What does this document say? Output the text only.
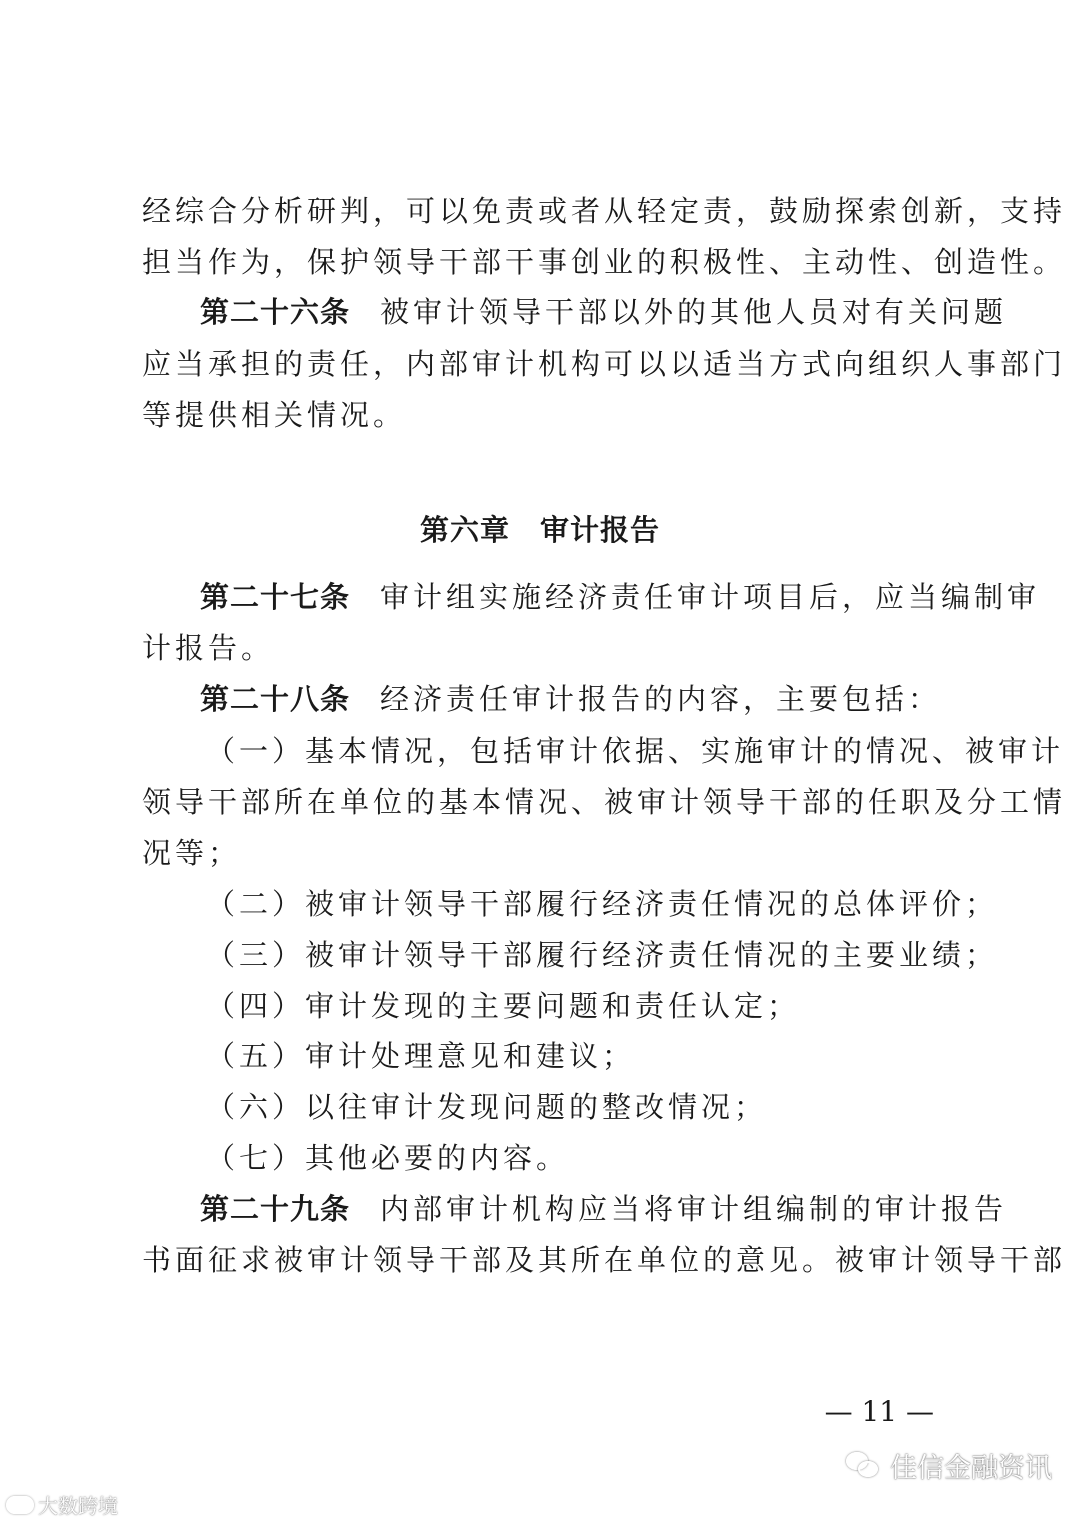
经综合分析研判，可以免责或者从轻定责，鼓励探索创新，支持
担当作为，保护领导干部干事创业的积极性、主动性、创造性。
第二十六条 被审计领导干部以外的其他人员对有关问题
应当承担的责任，内部审计机构可以以适当方式向组织人事部门
等提供相关情况。
第六章 审计报告
第二十七条 审计组实施经济责任审计项目后，应当编制审
计报告。
第二十八条 经济责任审计报告的内容，主要包括：
（一）基本情况，包括审计依据、实施审计的情况、被审计
领导干部所在单位的基本情况、被审计领导干部的任职及分工情
况等；
（二）被审计领导干部履行经济责任情况的总体评价；
（三）被审计领导干部履行经济责任情况的主要业绩；
（四）审计发现的主要问题和责任认定；
（五）审计处理意见和建议；
（六）以往审计发现问题的整改情况；
（七）其他必要的内容。
第二十九条 内部审计机构应当将审计组编制的审计报告
书面征求被审计领导干部及其所在单位的意见。被审计领导干部
— 11 —
大数跨境
佳信金融资讯
